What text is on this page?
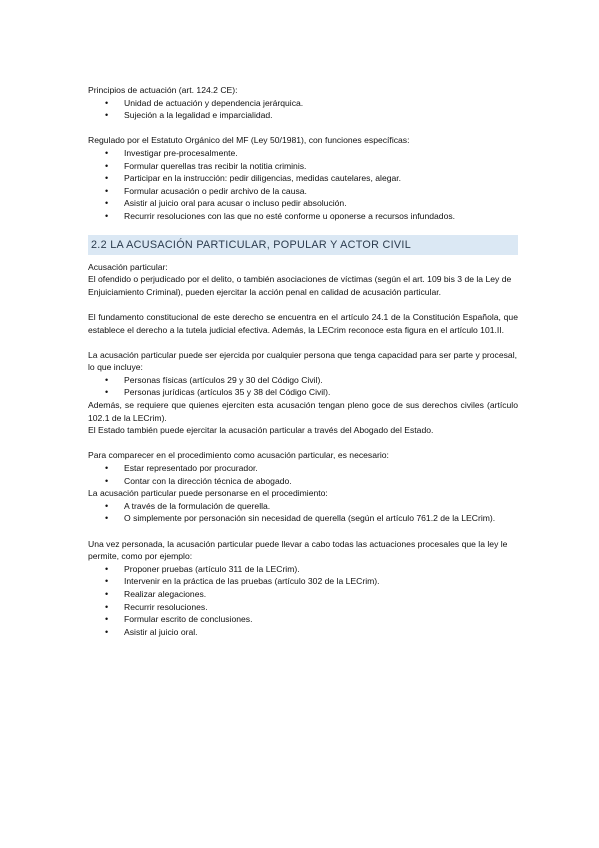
Principios de actuación (art. 124.2 CE):

• Unidad de actuación y dependencia jerárquica.
• Sujeción a la legalidad e imparcialidad.

Regulado por el Estatuto Orgánico del MF (Ley 50/1981), con funciones específicas:

• Investigar pre-procesalmente.
• Formular querellas tras recibir la notitia criminis.
• Participar en la instrucción: pedir diligencias, medidas cautelares, alegar.
• Formular acusación o pedir archivo de la causa.
• Asistir al juicio oral para acusar o incluso pedir absolución.
• Recurrir resoluciones con las que no esté conforme u oponerse a recursos infundados.
2.2 LA ACUSACIÓN PARTICULAR, POPULAR Y ACTOR CIVIL

Acusación particular:

El ofendido o perjudicado por el delito, o también asociaciones de víctimas (según el art. 109 bis 3 de la Ley de Enjuiciamiento Criminal), pueden ejercitar la acción penal en calidad de acusación particular.

El fundamento constitucional de este derecho se encuentra en el artículo 24.1 de la Constitución Española, que establece el derecho a la tutela judicial efectiva. Además, la LECrim reconoce esta figura en el artículo 101.II.

La acusación particular puede ser ejercida por cualquier persona que tenga capacidad para ser parte y procesal, lo que incluye:

• Personas físicas (artículos 29 y 30 del Código Civil).
• Personas jurídicas (artículos 35 y 38 del Código Civil).

Además, se requiere que quienes ejerciten esta acusación tengan pleno goce de sus derechos civiles (artículo 102.1 de la LECrim).

El Estado también puede ejercitar la acusación particular a través del Abogado del Estado.

Para comparecer en el procedimiento como acusación particular, es necesario:

• Estar representado por procurador.
• Contar con la dirección técnica de abogado.

La acusación particular puede personarse en el procedimiento:

• A través de la formulación de querella.
• O simplemente por personación sin necesidad de querella (según el artículo 761.2 de la LECrim).

Una vez personada, la acusación particular puede llevar a cabo todas las actuaciones procesales que la ley le permite, como por ejemplo:

• Proponer pruebas (artículo 311 de la LECrim).
• Intervenir en la práctica de las pruebas (artículo 302 de la LECrim).
• Realizar alegaciones.
• Recurrir resoluciones.
• Formular escrito de conclusiones.
• Asistir al juicio oral.
